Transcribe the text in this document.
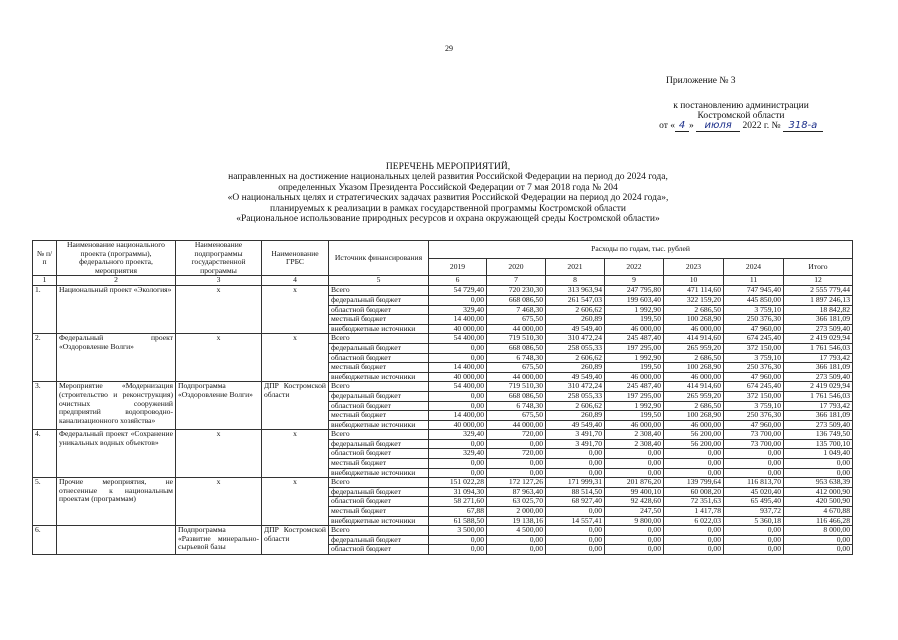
29
Приложение № 3
к постановлению администрации
Костромской области
от « 4 » июля 2022 г. № 318-а
ПЕРЕЧЕНЬ МЕРОПРИЯТИЙ,
направленных на достижение национальных целей развития Российской Федерации на период до 2024 года,
определенных Указом Президента Российской Федерации от 7 мая 2018 года № 204
«О национальных целях и стратегических задачах развития Российской Федерации на период до 2024 года»,
планируемых к реализации в рамках государственной программы Костромской области
«Рациональное использование природных ресурсов и охрана окружающей среды Костромской области»
№ п/п	Наименование национального проекта (программы), федерального проекта, мероприятия	Наименование подпрограммы государственной программы	Наименование ГРБС	Источник финансирования	Расходы по годам, тыс. рублей						
					2019	2020	2021	2022	2023	2024	Итого
1	2	3	4	5	6	7	8	9	10	11	12
1.	Национальный проект «Экология»	х	х	Всего	54 729,40	720 230,30	313 963,94	247 795,80	471 114,60	747 945,40	2 555 779,44
				федеральный бюджет	0,00	668 086,50	261 547,03	199 603,40	322 159,20	445 850,00	1 897 246,13
				областной бюджет	329,40	7 468,30	2 606,62	1 992,90	2 686,50	3 759,10	18 842,82
				местный бюджет	14 400,00	675,50	260,89	199,50	100 268,90	250 376,30	366 181,09
				внебюджетные источники	40 000,00	44 000,00	49 549,40	46 000,00	46 000,00	47 960,00	273 509,40
2.	Федеральный проект «Оздоровление Волги»	х	х	Всего	54 400,00	719 510,30	310 472,24	245 487,40	414 914,60	674 245,40	2 419 029,94
				федеральный бюджет	0,00	668 086,50	258 055,33	197 295,00	265 959,20	372 150,00	1 761 546,03
				областной бюджет	0,00	6 748,30	2 606,62	1 992,90	2 686,50	3 759,10	17 793,42
				местный бюджет	14 400,00	675,50	260,89	199,50	100 268,90	250 376,30	366 181,09
				внебюджетные источники	40 000,00	44 000,00	49 549,40	46 000,00	46 000,00	47 960,00	273 509,40
3.	Мероприятие «Модернизация (строительство и реконструкция) очистных сооружений предприятий водопроводно-канализационного хозяйства»	Подпрограмма «Оздоровление Волги»	ДПР Костромской области	Всего	54 400,00	719 510,30	310 472,24	245 487,40	414 914,60	674 245,40	2 419 029,94
				федеральный бюджет	0,00	668 086,50	258 055,33	197 295,00	265 959,20	372 150,00	1 761 546,03
				областной бюджет	0,00	6 748,30	2 606,62	1 992,90	2 686,50	3 759,10	17 793,42
				местный бюджет	14 400,00	675,50	260,89	199,50	100 268,90	250 376,30	366 181,09
				внебюджетные источники	40 000,00	44 000,00	49 549,40	46 000,00	46 000,00	47 960,00	273 509,40
4.	Федеральный проект «Сохранение уникальных водных объектов»	х	х	Всего	329,40	720,00	3 491,70	2 308,40	56 200,00	73 700,00	136 749,50
				федеральный бюджет	0,00	0,00	3 491,70	2 308,40	56 200,00	73 700,00	135 700,10
				областной бюджет	329,40	720,00	0,00	0,00	0,00	0,00	1 049,40
				местный бюджет	0,00	0,00	0,00	0,00	0,00	0,00	0,00
				внебюджетные источники	0,00	0,00	0,00	0,00	0,00	0,00	0,00
5.	Прочие мероприятия, не отнесенные к национальным проектам (программам)	х	х	Всего	151 022,28	172 127,26	171 999,31	201 876,20	139 799,64	116 813,70	953 638,39
				федеральный бюджет	31 094,30	87 963,40	88 514,50	99 400,10	60 008,20	45 020,40	412 000,90
				областной бюджет	58 271,60	63 025,70	68 927,40	92 428,60	72 351,63	65 495,40	420 500,90
				местный бюджет	67,88	2 000,00	0,00	247,50	1 417,78	937,72	4 670,88
				внебюджетные источники	61 588,50	19 138,16	14 557,41	9 800,00	6 022,03	5 360,18	116 466,28
6.		Подпрограмма «Развитие минерально-сырьевой базы	ДПР Костромской области	Всего	3 500,00	4 500,00	0,00	0,00	0,00	0,00	8 000,00
				федеральный бюджет	0,00	0,00	0,00	0,00	0,00	0,00	0,00
				областной бюджет	0,00	0,00	0,00	0,00	0,00	0,00	0,00
